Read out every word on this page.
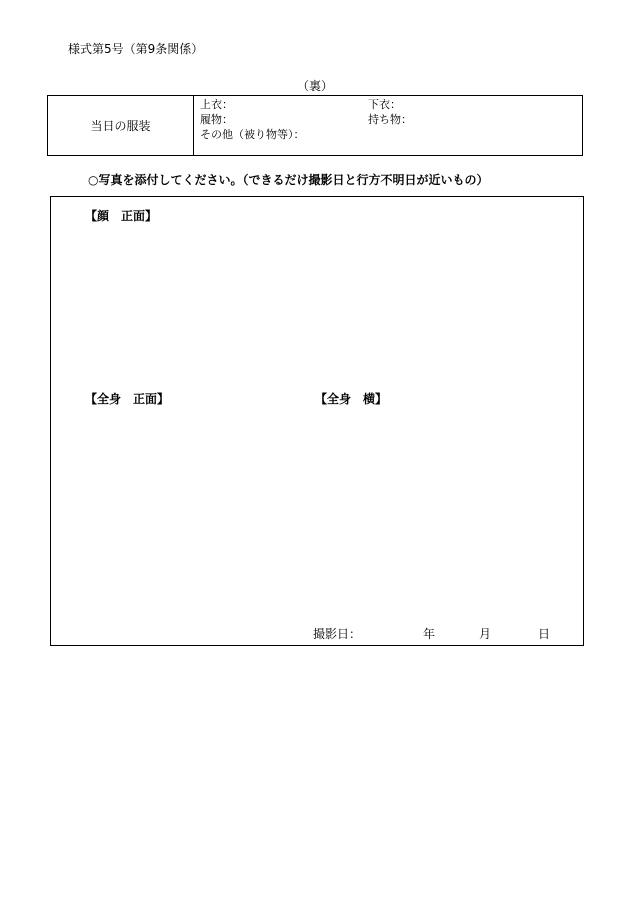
様式第5号（第9条関係）
（裏）
当日の服装
上衣：	下衣：
履物：	持ち物：
その他（被り物等）：
○写真を添付してください。（できるだけ撮影日と行方不明日が近いもの）
【顔　正面】
【全身　正面】	【全身　横】
撮影日：	年	月	日
